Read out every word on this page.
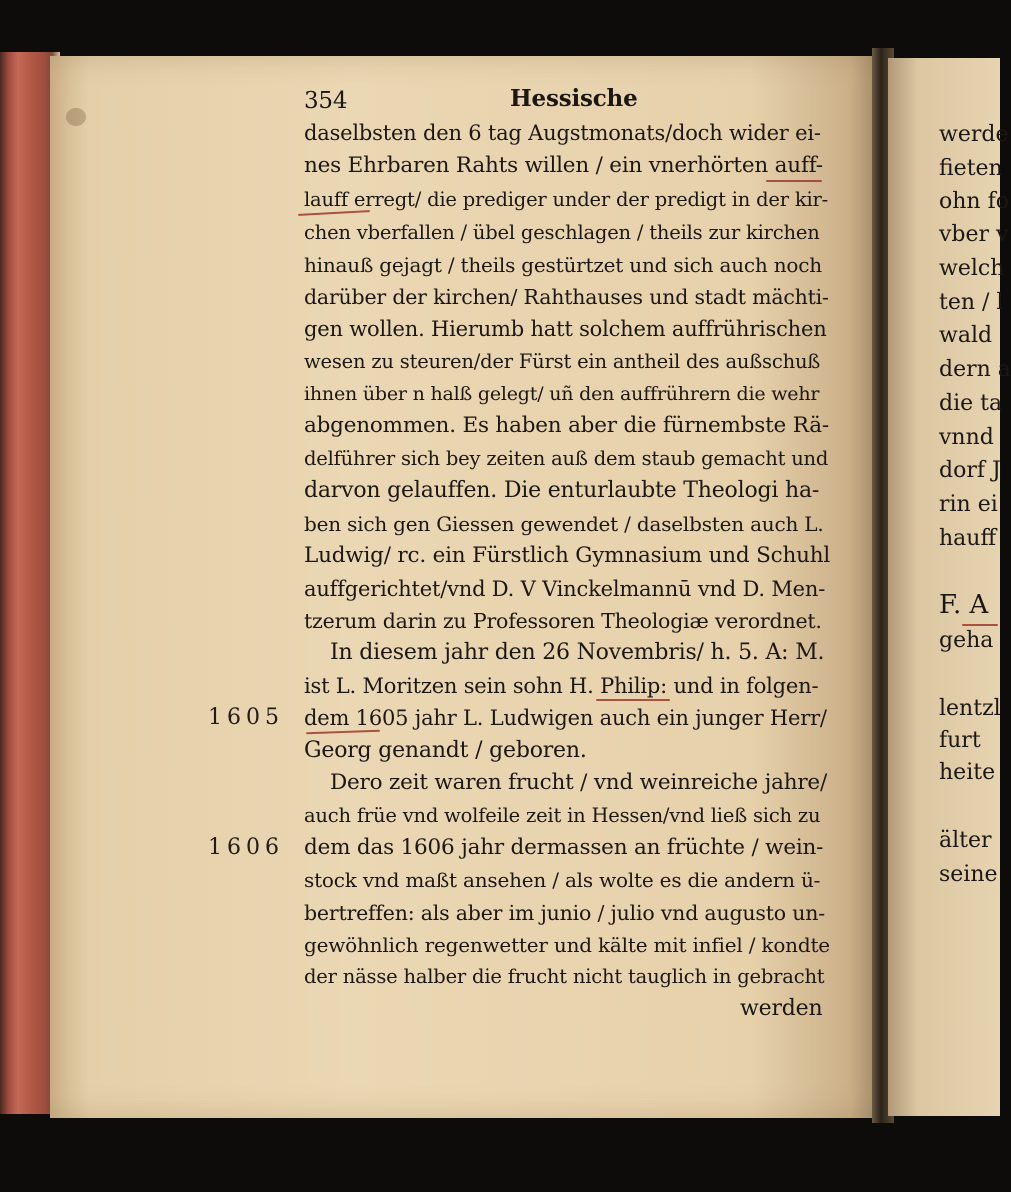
354	Hessische
daselbsten den 6 tag Augstmonats/doch wider ei-
nes Ehrbaren Rahts willen / ein vnerhörten auff-
lauff erregt/ die prediger under der predigt in der kir-
chen vberfallen / übel geschlagen / theils zur kirchen
hinauß gejagt / theils gestürtzet und sich auch noch
darüber der kirchen/ Rahthauses und stadt mächti-
gen wollen. Hierumb hatt solchem auffrührischen
wesen zu steuren/der Fürst ein antheil des außschuß
ihnen über n halß gelegt/ uñ den auffrührern die wehr
abgenommen. Es haben aber die fürnembste Rä-
delführer sich bey zeiten auß dem staub gemacht und
darvon gelauffen. Die enturlaubte Theologi ha-
ben sich gen Giessen gewendet / daselbsten auch L.
Ludwig/ rc. ein Fürstlich Gymnasium und Schuhl
auffgerichtet/vnd D. V Vinckelmannū vnd D. Men-
tzerum darin zu Professoren Theologiæ verordnet.
In diesem jahr den 26 Novembris/ h. 5. A: M.
ist L. Moritzen sein sohn H. Philip: und in folgen-
dem 1605 jahr L. Ludwigen auch ein junger Herr/
Georg genandt / geboren.
Dero zeit waren frucht / vnd weinreiche jahre/
auch früe vnd wolfeile zeit in Hessen/vnd ließ sich zu
dem das 1606 jahr dermassen an früchte / wein-
stock vnd maßt ansehen / als wolte es die andern ü-
bertreffen: als aber im junio / julio vnd augusto un-
gewöhnlich regenwetter und kälte mit infiel / kondte
der nässe halber die frucht nicht tauglich in gebracht
werden
1605
1606
werde
fieten
ohn fo
vber v
welch
ten / l
wald
dern a
die ta
vnnd
dorf J
rin ei
hauff
F. A
geha
lentzl
furt
heite
älter
seine
